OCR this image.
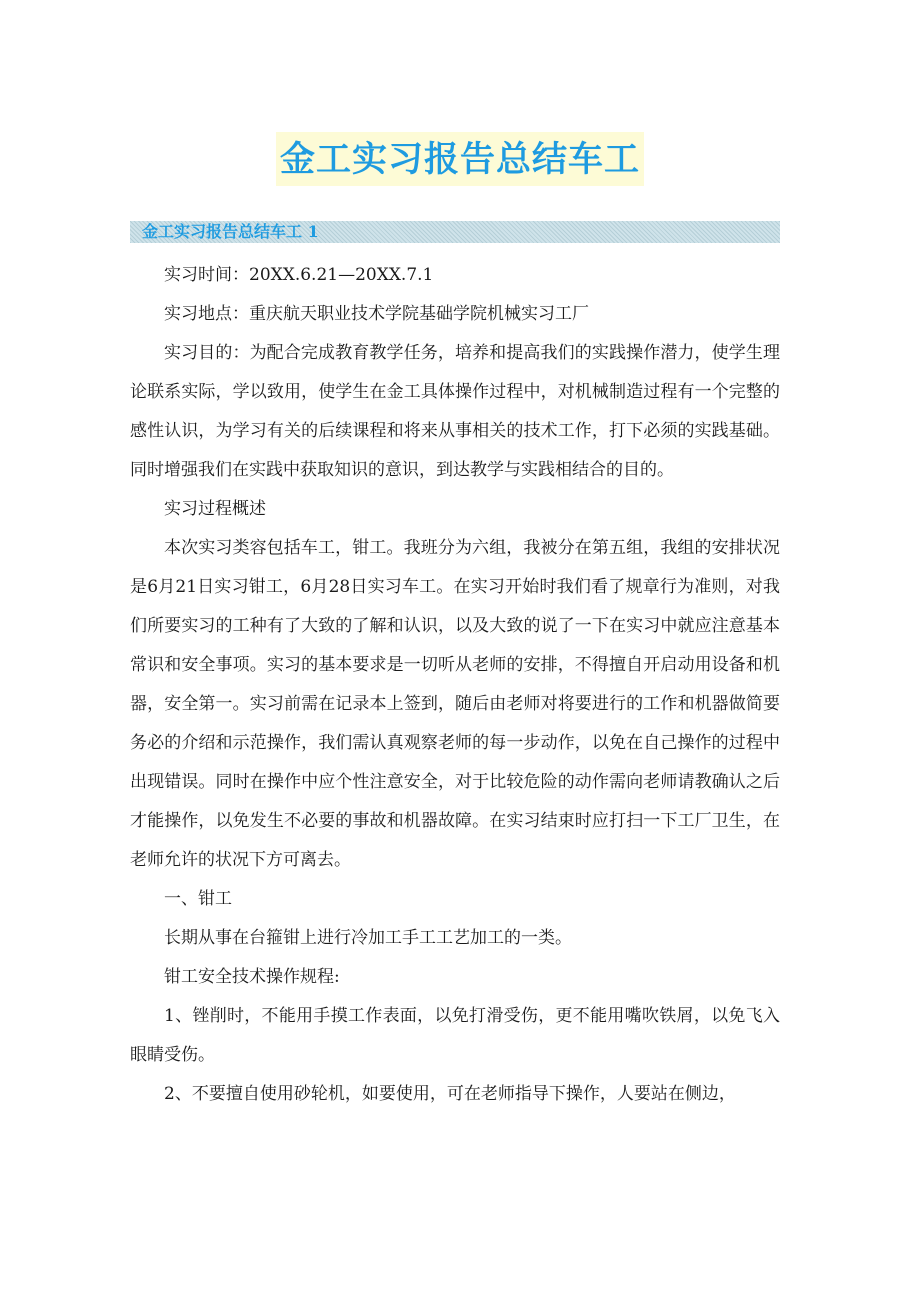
金工实习报告总结车工
金工实习报告总结车工 1

实习时间：20XX.6.21—20XX.7.1

实习地点：重庆航天职业技术学院基础学院机械实习工厂

实习目的：为配合完成教育教学任务，培养和提高我们的实践操作潜力，使学生理论联系实际，学以致用，使学生在金工具体操作过程中，对机械制造过程有一个完整的感性认识，为学习有关的后续课程和将来从事相关的技术工作，打下必须的实践基础。同时增强我们在实践中获取知识的意识，到达教学与实践相结合的目的。

实习过程概述

本次实习类容包括车工，钳工。我班分为六组，我被分在第五组，我组的安排状况是6月21日实习钳工，6月28日实习车工。在实习开始时我们看了规章行为准则，对我们所要实习的工种有了大致的了解和认识，以及大致的说了一下在实习中就应注意基本常识和安全事项。实习的基本要求是一切听从老师的安排，不得擅自开启动用设备和机器，安全第一。实习前需在记录本上签到，随后由老师对将要进行的工作和机器做简要务必的介绍和示范操作，我们需认真观察老师的每一步动作，以免在自己操作的过程中出现错误。同时在操作中应个性注意安全，对于比较危险的动作需向老师请教确认之后才能操作，以免发生不必要的事故和机器故障。在实习结束时应打扫一下工厂卫生，在老师允许的状况下方可离去。

一、钳工

长期从事在台箍钳上进行冷加工手工工艺加工的一类。

钳工安全技术操作规程:

1、锉削时，不能用手摸工作表面，以免打滑受伤，更不能用嘴吹铁屑，以免飞入眼睛受伤。

2、不要擅自使用砂轮机，如要使用，可在老师指导下操作，人要站在侧边，
